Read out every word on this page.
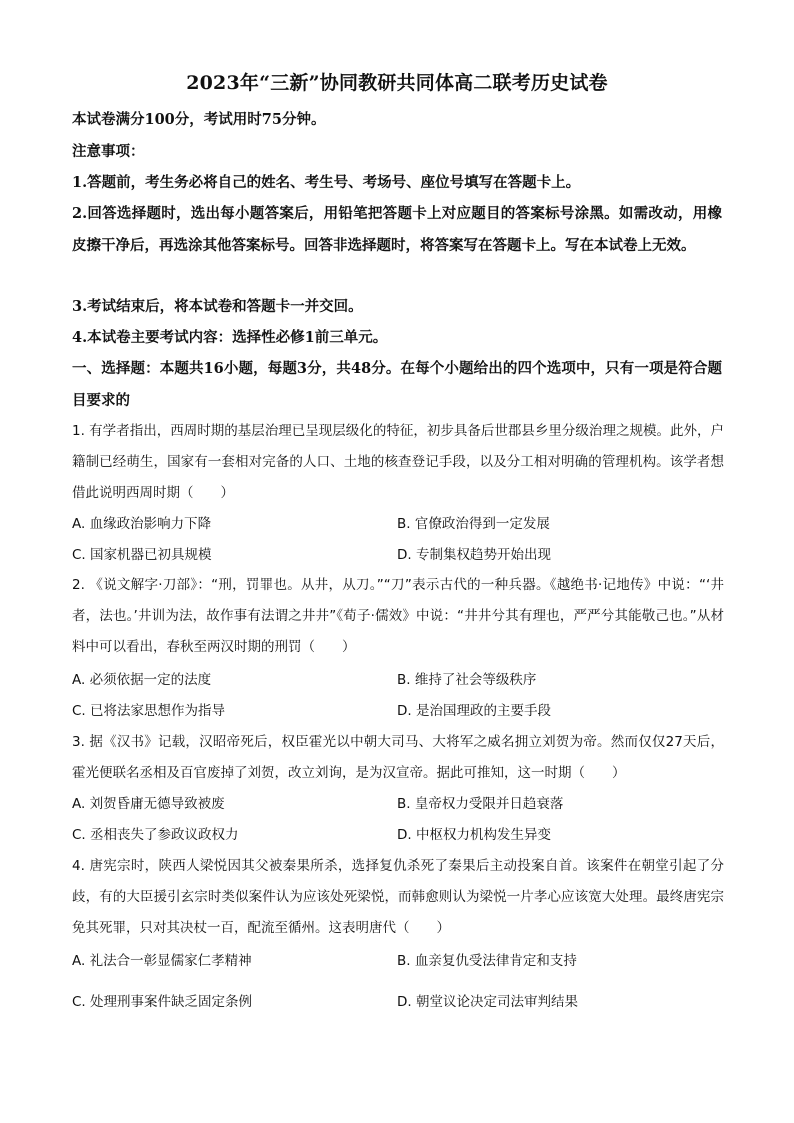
2023年“三新”协同教研共同体高二联考历史试卷
本试卷满分100分，考试用时75分钟。
注意事项：
1.答题前，考生务必将自己的姓名、考生号、考场号、座位号填写在答题卡上。
2.回答选择题时，选出每小题答案后，用铅笔把答题卡上对应题目的答案标号涂黑。如需改动，用橡皮擦干净后，再选涂其他答案标号。回答非选择题时，将答案写在答题卡上。写在本试卷上无效。
3.考试结束后，将本试卷和答题卡一并交回。
4.本试卷主要考试内容：选择性必修1前三单元。
一、选择题：本题共16小题，每题3分，共48分。在每个小题给出的四个选项中，只有一项是符合题目要求的
1. 有学者指出，西周时期的基层治理已呈现层级化的特征，初步具备后世郡县乡里分级治理之规模。此外，户籍制已经萌生，国家有一套相对完备的人口、土地的核查登记手段，以及分工相对明确的管理机构。该学者想借此说明西周时期（　　）
A. 血缘政治影响力下降	B. 官僚政治得到一定发展
C. 国家机器已初具规模	D. 专制集权趋势开始出现
2. 《说文解字·刀部》：“刑，罚罪也。从井，从刀。”“刀”表示古代的一种兵器。《越绝书·记地传》中说：“‘井者，法也。’井训为法，故作事有法谓之井井”《荀子·儒效》中说：“井井兮其有理也，严严兮其能敬己也。”从材料中可以看出，春秋至两汉时期的刑罚（　　）
A. 必须依据一定的法度	B. 维持了社会等级秩序
C. 已将法家思想作为指导	D. 是治国理政的主要手段
3. 据《汉书》记载，汉昭帝死后，权臣霍光以中朝大司马、大将军之威名拥立刘贺为帝。然而仅仅27天后，霍光便联名丞相及百官废掉了刘贺，改立刘询，是为汉宣帝。据此可推知，这一时期（　　）
A. 刘贺昏庸无德导致被废	B. 皇帝权力受限并日趋衰落
C. 丞相丧失了参政议政权力	D. 中枢权力机构发生异变
4. 唐宪宗时，陕西人梁悦因其父被秦果所杀，选择复仇杀死了秦果后主动投案自首。该案件在朝堂引起了分歧，有的大臣援引玄宗时类似案件认为应该处死梁悦，而韩愈则认为梁悦一片孝心应该宽大处理。最终唐宪宗免其死罪，只对其决杖一百，配流至循州。这表明唐代（　　）
A. 礼法合一彰显儒家仁孝精神	B. 血亲复仇受法律肯定和支持
C. 处理刑事案件缺乏固定条例	D. 朝堂议论决定司法审判结果
